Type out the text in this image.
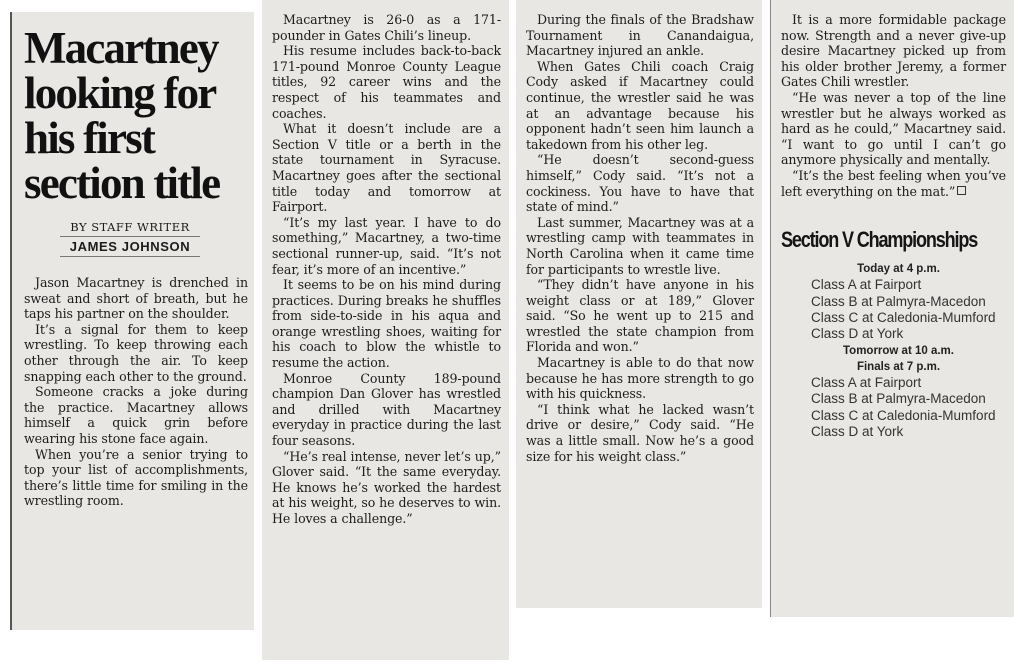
Macartney
looking for
his first
section title
BY STAFF WRITER
JAMES JOHNSON

Jason Macartney is drenched in sweat and short of breath, but he taps his partner on the shoulder.

It’s a signal for them to keep wrestling. To keep throwing each other through the air. To keep snapping each other to the ground.

Someone cracks a joke during the practice. Macartney allows himself a quick grin before wearing his stone face again.

When you’re a senior trying to top your list of accomplishments, there’s little time for smiling in the wrestling room.

Macartney is 26-0 as a 171-pounder in Gates Chili’s lineup.

His resume includes back-to-back 171-pound Monroe County League titles, 92 career wins and the respect of his teammates and coaches.

What it doesn’t include are a Section V title or a berth in the state tournament in Syracuse. Macartney goes after the sectional title today and tomorrow at Fairport.

“It’s my last year. I have to do something,” Macartney, a two-time sectional runner-up, said. “It’s not fear, it’s more of an incentive.”

It seems to be on his mind during practices. During breaks he shuffles from side-to-side in his aqua and orange wrestling shoes, waiting for his coach to blow the whistle to resume the action.

Monroe County 189-pound champion Dan Glover has wrestled and drilled with Macartney everyday in practice during the last four seasons.

“He’s real intense, never let’s up,” Glover said. “It the same everyday. He knows he’s worked the hardest at his weight, so he deserves to win. He loves a challenge.”

During the finals of the Bradshaw Tournament in Canandaigua, Macartney injured an ankle.

When Gates Chili coach Craig Cody asked if Macartney could continue, the wrestler said he was at an advantage because his opponent hadn’t seen him launch a takedown from his other leg.

“He doesn’t second-guess himself,” Cody said. “It’s not a cockiness. You have to have that state of mind.”

Last summer, Macartney was at a wrestling camp with teammates in North Carolina when it came time for participants to wrestle live.

“They didn’t have anyone in his weight class or at 189,” Glover said. “So he went up to 215 and wrestled the state champion from Florida and won.”

Macartney is able to do that now because he has more strength to go with his quickness.

“I think what he lacked wasn’t drive or desire,” Cody said. “He was a little small. Now he’s a good size for his weight class.”

It is a more formidable package now. Strength and a never give-up desire Macartney picked up from his older brother Jeremy, a former Gates Chili wrestler.

“He was never a top of the line wrestler but he always worked as hard as he could,” Macartney said. “I want to go until I can’t go anymore physically and mentally.

“It’s the best feeling when you’ve left everything on the mat.”

Section V Championships
Today at 4 p.m.
Class A at Fairport
Class B at Palmyra-Macedon
Class C at Caledonia-Mumford
Class D at York
Tomorrow at 10 a.m.
Finals at 7 p.m.
Class A at Fairport
Class B at Palmyra-Macedon
Class C at Caledonia-Mumford
Class D at York
